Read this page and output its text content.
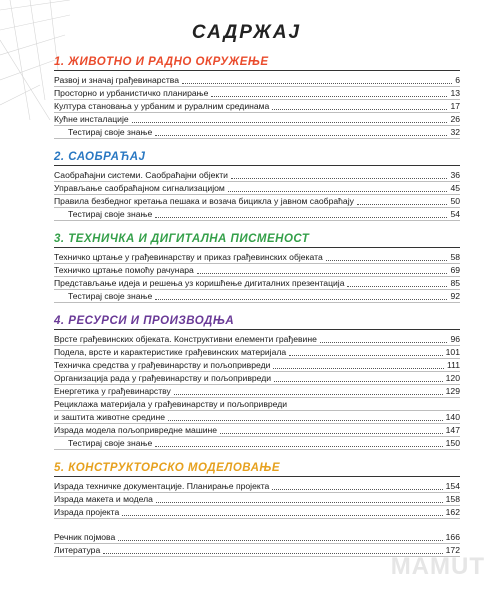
САДРЖАЈ
1. ЖИВОТНО И РАДНО ОКРУЖЕЊЕ
Развој и значај грађевинарства	6
Просторно и урбанистичко планирање	13
Култура становања у урбаним и руралним срединама	17
Кућне инсталације	26
Тестирај своје знање	32
2. САОБРАЋАЈ
Саобраћајни системи. Саобраћајни објекти	36
Управљање саобраћајном сигнализацијом	45
Правила безбедног кретања пешака и возача бицикла у јавном саобраћају	50
Тестирај своје знање	54
3. ТЕХНИЧКА И ДИГИТАЛНА ПИСМЕНОСТ
Техничко цртање у грађевинарству и приказ грађевинских објеката	58
Техничко цртање помоћу рачунара	69
Представљање идеја и решења уз коришћење дигиталних презентација	85
Тестирај своје знање	92
4. РЕСУРСИ И ПРОИЗВОДЊА
Врсте грађевинских објеката. Конструктивни елементи грађевине	96
Подела, врсте и карактеристике грађевинских материјала	101
Техничка средства у грађевинарству и пољопривреди	111
Организација рада у грађевинарству и пољопривреди	120
Енергетика у грађевинарству	129
Рециклажа материјала у грађевинарству и пољопривреди
и заштита животне средине	140
Израда модела пољопривредне машине	147
Тестирај своје знање	150
5. КОНСТРУКТОРСКО МОДЕЛОВАЊЕ
Израда техничке документације. Планирање пројекта	154
Израда макета и модела	158
Израда пројекта	162
Речник појмова	166
Литература	172
MAMUT
